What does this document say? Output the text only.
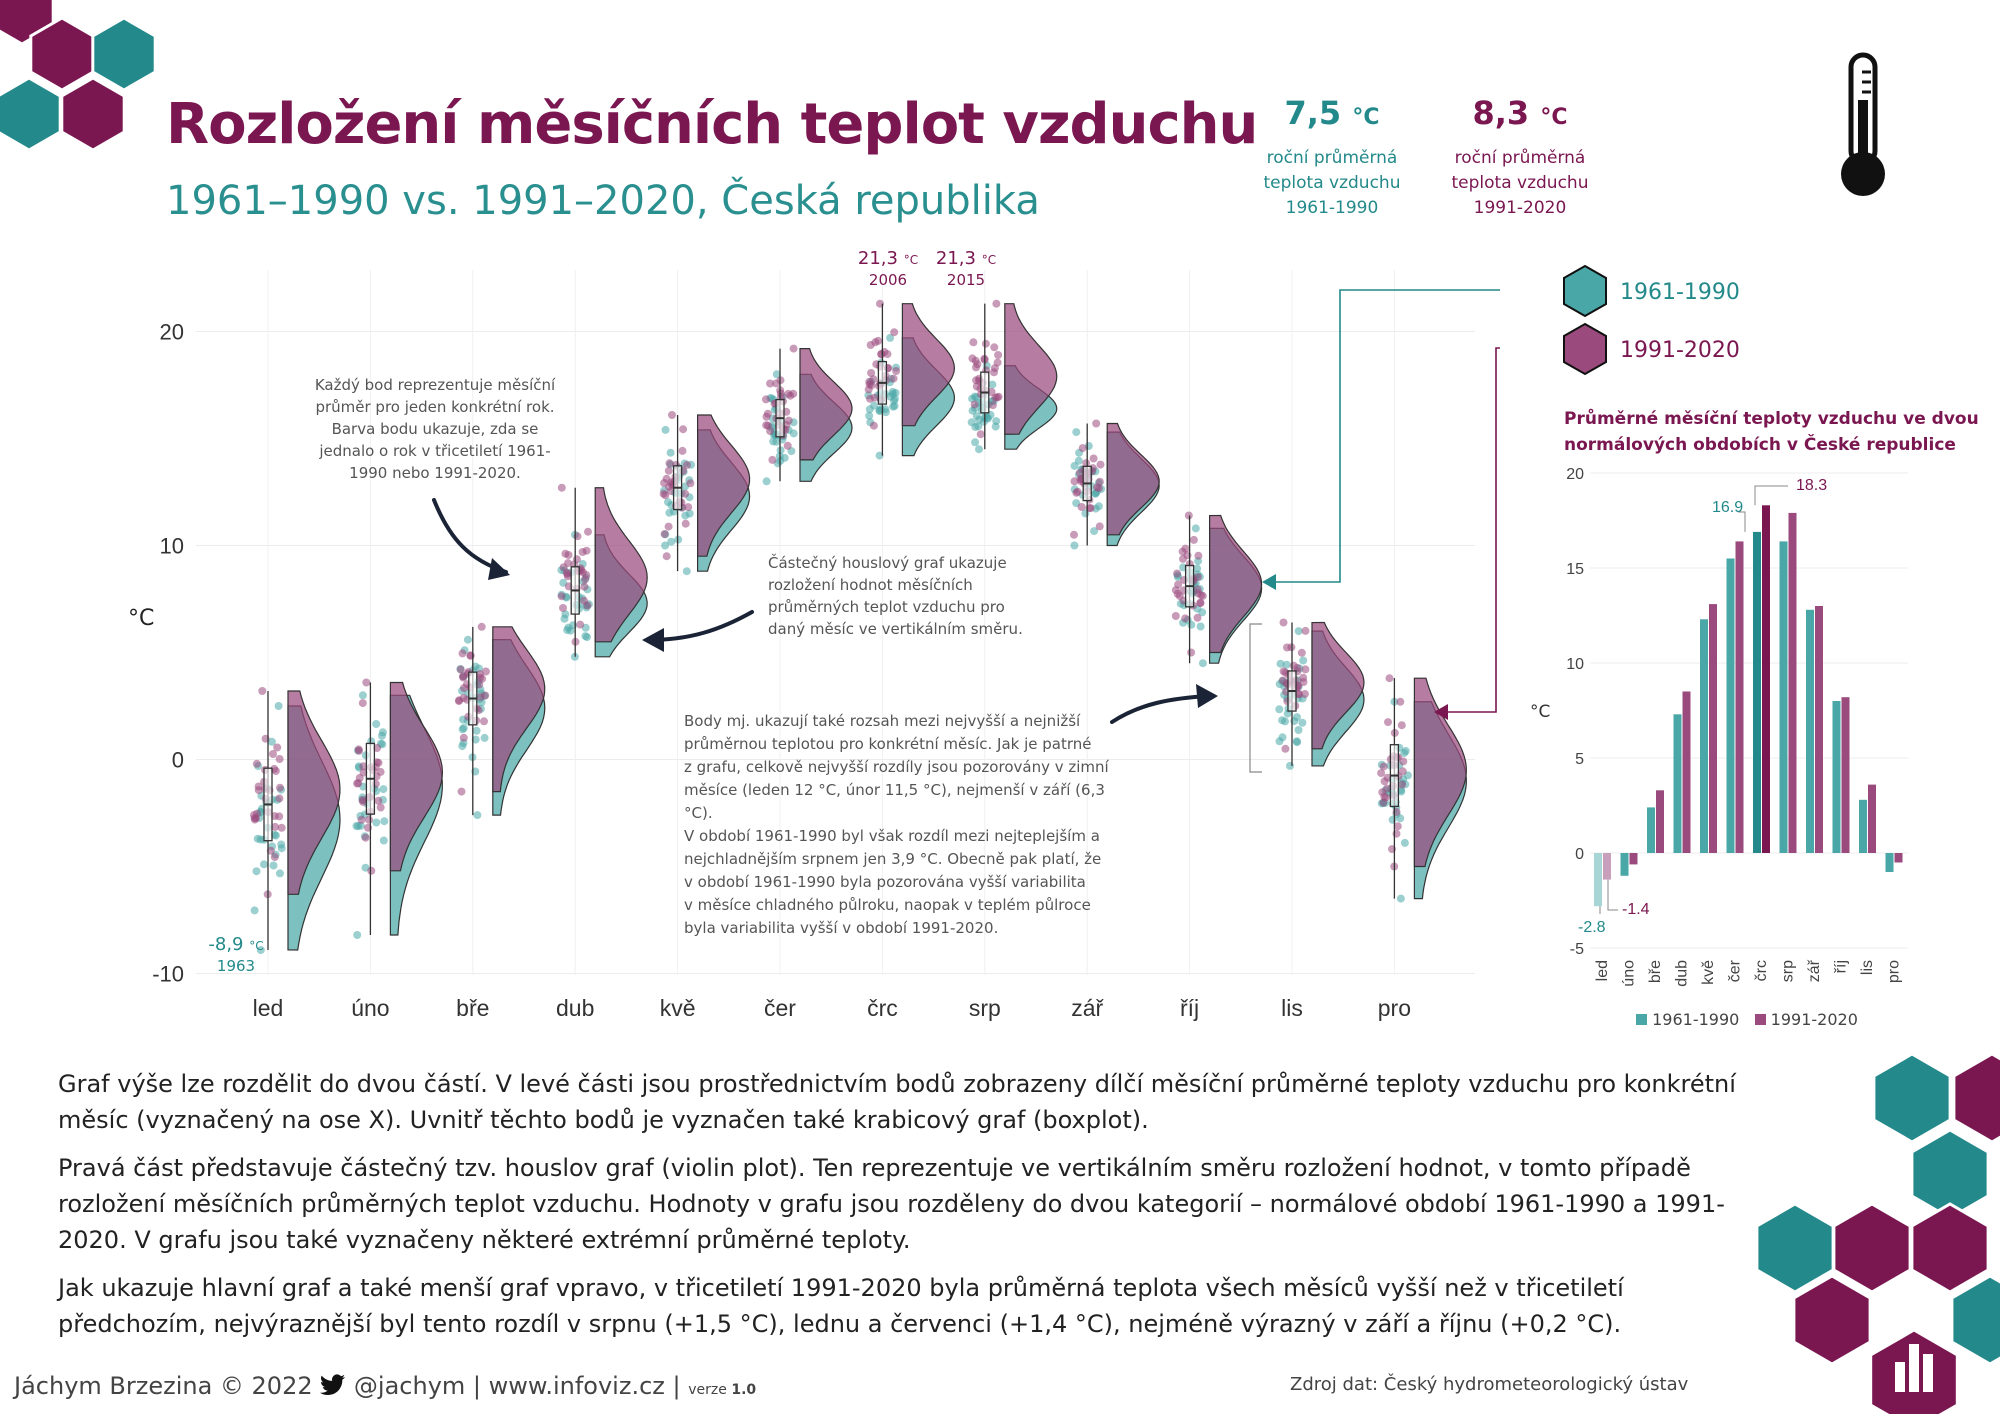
Rozložení měsíčních teplot vzduchu
1961–1990 vs. 1991–2020, Česká republika
7,5 °C
roční průměrná
teplota vzduchu
1961-1990
8,3 °C
roční průměrná
teplota vzduchu
1991-2020
-10
0
10
20
led	úno	bře	dub	kvě	čer	črc	srp	zář	říj	lis	pro
°C
Každý bod reprezentuje měsíční
průměr pro jeden konkrétní rok.
Barva bodu ukazuje, zda se
jednalo o rok v třicetiletí 1961-
1990 nebo 1991-2020.
Částečný houslový graf ukazuje
rozložení hodnot měsíčních
průměrných teplot vzduchu pro
daný měsíc ve vertikálním směru.
Body mj. ukazují také rozsah mezi nejvyšší a nejnižší
průměrnou teplotou pro konkrétní měsíc. Jak je patrné
z grafu, celkově nejvyšší rozdíly jsou pozorovány v zimní
měsíce (leden 12 °C, únor 11,5 °C), nejmenší v září (6,3 °C).
V období 1961-1990 byl však rozdíl mezi nejteplejším a
nejchladnějším srpnem jen 3,9 °C. Obecně pak platí, že
v období 1961-1990 byla pozorována vyšší variabilita
v měsíce chladného půlroku, naopak v teplém půlroce
byla variabilita vyšší v období 1991-2020.
-8,9 °C
1963
21,3 °C
2006
21,3 °C
2015	1961-1990
1991-2020
Průměrné měsíční teploty vzduchu ve dvou normálových obdobích v České republice
°C
-5
0
5
10
15
20
led úno bře dub kvě čer črc srp zář říj lis pro
-2.8
-1.4
16.9
18.3
1961-1990 1991-2020
Graf výše lze rozdělit do dvou částí. V levé části jsou prostřednictvím bodů zobrazeny dílčí měsíční průměrné teploty vzduchu pro konkrétní měsíc (vyznačený na ose X). Uvnitř těchto bodů je vyznačen také krabicový graf (boxplot).
Pravá část představuje částečný tzv. houslov graf (violin plot). Ten reprezentuje ve vertikálním směru rozložení hodnot, v tomto případě rozložení měsíčních průměrných teplot vzduchu. Hodnoty v grafu jsou rozděleny do dvou kategorií – normálové období 1961-1990 a 1991-2020. V grafu jsou také vyznačeny některé extrémní průměrné teploty.
Jak ukazuje hlavní graf a také menší graf vpravo, v třicetiletí 1991-2020 byla průměrná teplota všech měsíců vyšší než v třicetiletí předchozím, nejvýraznější byl tento rozdíl v srpnu (+1,5 °C), lednu a červenci (+1,4 °C), nejméně výrazný v září a říjnu (+0,2 °C).
Jáchym Brzezina © 2022 @jachym | www.infoviz.cz | verze 1.0	Zdroj dat: Český hydrometeorologický ústav
